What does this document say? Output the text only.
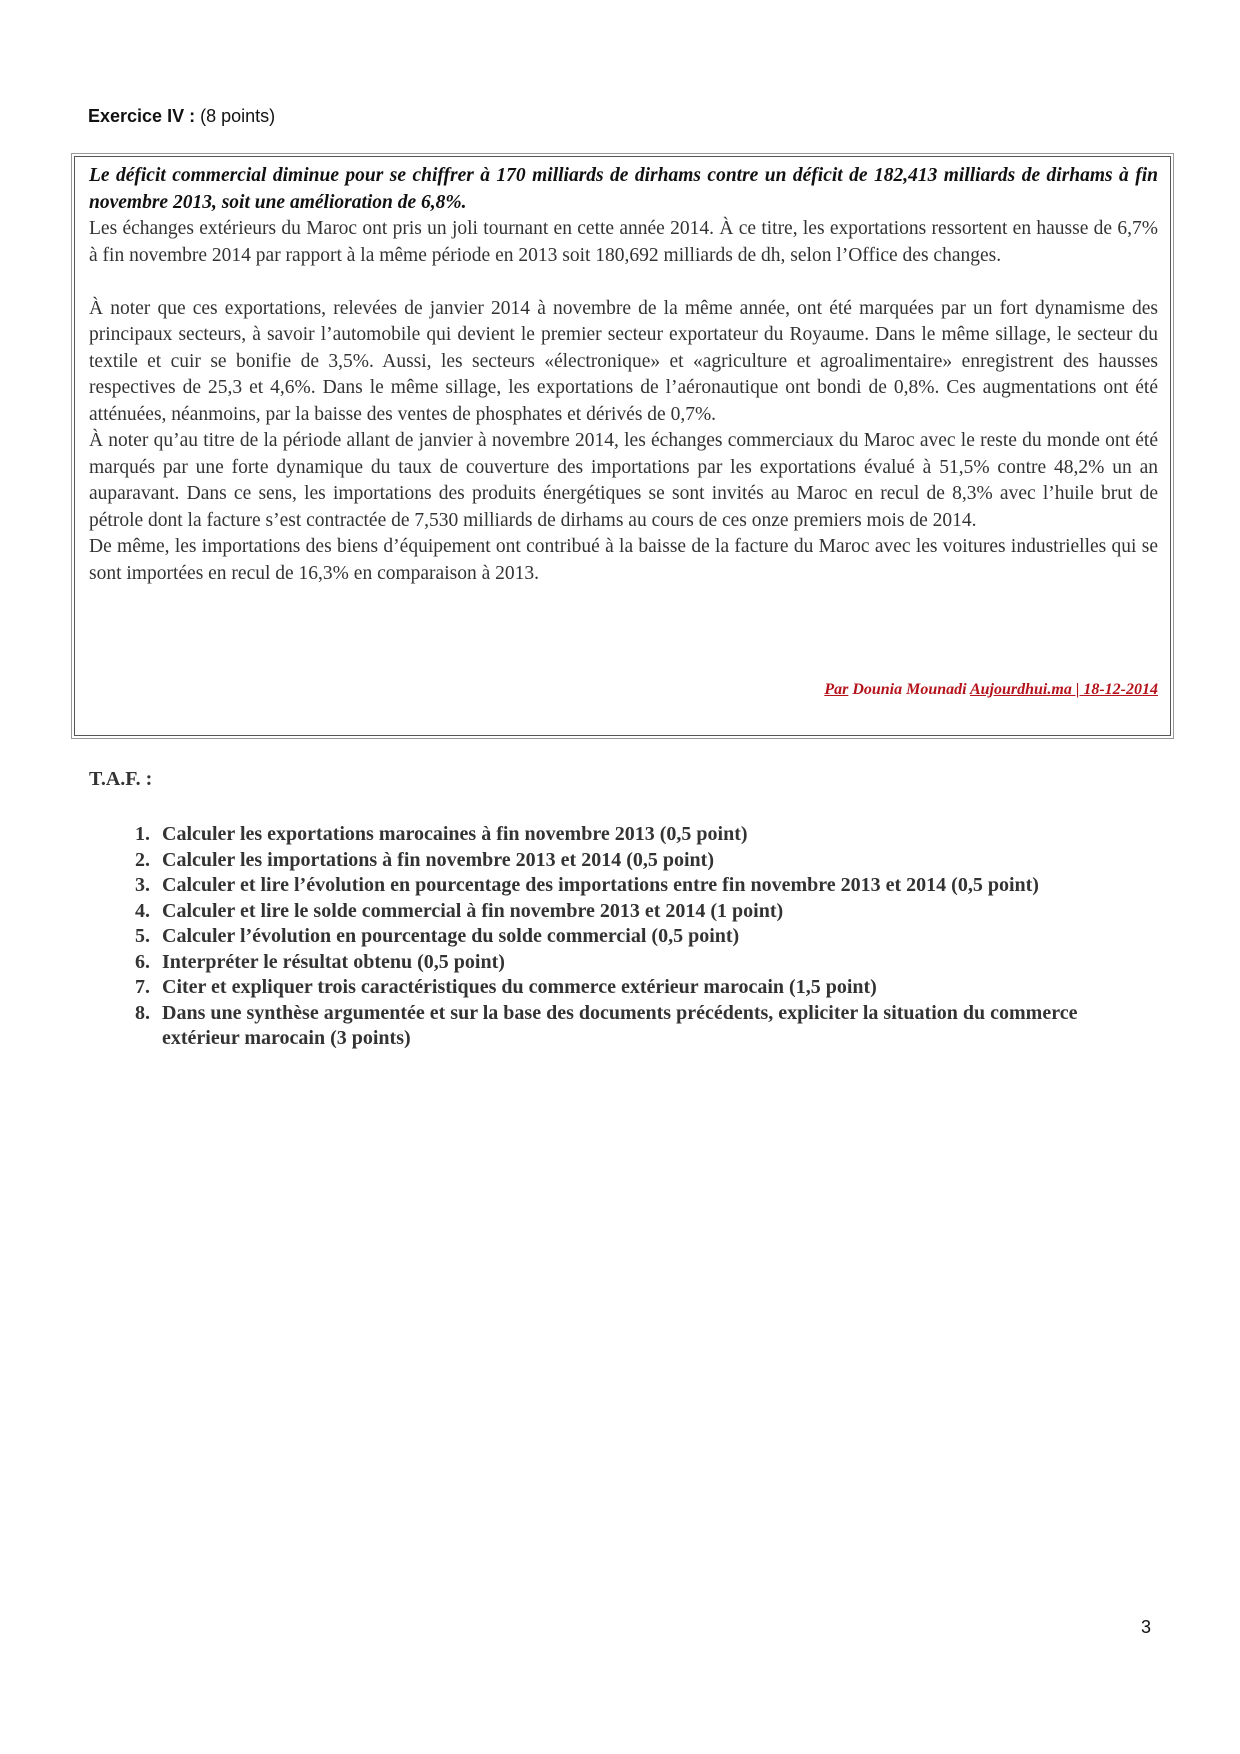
Exercice IV : (8 points)

Le déficit commercial diminue pour se chiffrer à 170 milliards de dirhams contre un déficit de 182,413 milliards de dirhams à fin novembre 2013, soit une amélioration de 6,8%.

Les échanges extérieurs du Maroc ont pris un joli tournant en cette année 2014. À ce titre, les exportations ressortent en hausse de 6,7% à fin novembre 2014 par rapport à la même période en 2013 soit 180,692 milliards de dh, selon l’Office des changes.

À noter que ces exportations, relevées de janvier 2014 à novembre de la même année, ont été marquées par un fort dynamisme des principaux secteurs, à savoir l’automobile qui devient le premier secteur exportateur du Royaume. Dans le même sillage, le secteur du textile et cuir se bonifie de 3,5%. Aussi, les secteurs «électronique» et «agriculture et agroalimentaire» enregistrent des hausses respectives de 25,3 et 4,6%. Dans le même sillage, les exportations de l’aéronautique ont bondi de 0,8%. Ces augmentations ont été atténuées, néanmoins, par la baisse des ventes de phosphates et dérivés de 0,7%.

À noter qu’au titre de la période allant de janvier à novembre 2014, les échanges commerciaux du Maroc avec le reste du monde ont été marqués par une forte dynamique du taux de couverture des importations par les exportations évalué à 51,5% contre 48,2% un an auparavant. Dans ce sens, les importations des produits énergétiques se sont invités au Maroc en recul de 8,3% avec l’huile brut de pétrole dont la facture s’est contractée de 7,530 milliards de dirhams au cours de ces onze premiers mois de 2014.

De même, les importations des biens d’équipement ont contribué à la baisse de la facture du Maroc avec les voitures industrielles qui se sont importées en recul de 16,3% en comparaison à 2013.

Par Dounia Mounadi Aujourdhui.ma | 18-12-2014
T.A.F. :
1. Calculer les exportations marocaines à fin novembre 2013 (0,5 point)
2. Calculer les importations à fin novembre 2013 et 2014 (0,5 point)
3. Calculer et lire l’évolution en pourcentage des importations entre fin novembre 2013 et 2014 (0,5 point)
4. Calculer et lire le solde commercial à fin novembre 2013 et 2014 (1 point)
5. Calculer l’évolution en pourcentage du solde commercial (0,5 point)
6. Interpréter le résultat obtenu (0,5 point)
7. Citer et expliquer trois caractéristiques du commerce extérieur marocain (1,5 point)
8. Dans une synthèse argumentée et sur la base des documents précédents, expliciter la situation du commerce extérieur marocain (3 points)
3
